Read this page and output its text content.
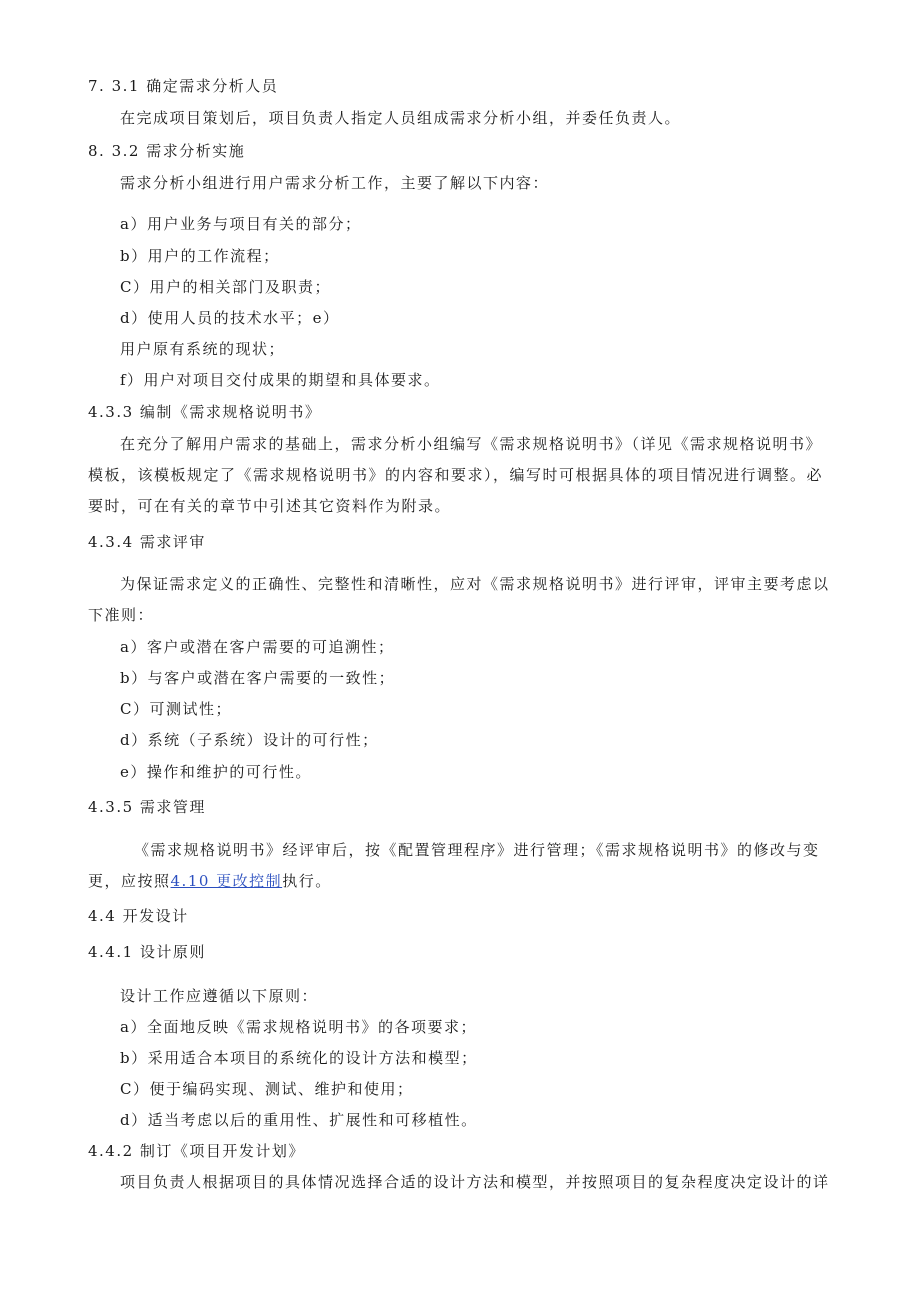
7. 3.1 确定需求分析人员
在完成项目策划后，项目负责人指定人员组成需求分析小组，并委任负责人。
8. 3.2 需求分析实施
需求分析小组进行用户需求分析工作，主要了解以下内容：
a）用户业务与项目有关的部分；
b）用户的工作流程；
C）用户的相关部门及职责；
d）使用人员的技术水平；e）
用户原有系统的现状；
f）用户对项目交付成果的期望和具体要求。
4.3.3 编制《需求规格说明书》
在充分了解用户需求的基础上，需求分析小组编写《需求规格说明书》（详见《需求规格说明书》
模板，该模板规定了《需求规格说明书》的内容和要求），编写时可根据具体的项目情况进行调整。必
要时，可在有关的章节中引述其它资料作为附录。
4.3.4 需求评审
为保证需求定义的正确性、完整性和清晰性，应对《需求规格说明书》进行评审，评审主要考虑以
下准则：
a）客户或潜在客户需要的可追溯性；
b）与客户或潜在客户需要的一致性；
C）可测试性；
d）系统（子系统）设计的可行性；
e）操作和维护的可行性。
4.3.5 需求管理
《需求规格说明书》经评审后，按《配置管理程序》进行管理；《需求规格说明书》的修改与变
更，应按照4.10 更改控制执行。
4.4 开发设计
4.4.1 设计原则
设计工作应遵循以下原则：
a）全面地反映《需求规格说明书》的各项要求；
b）采用适合本项目的系统化的设计方法和模型；
C）便于编码实现、测试、维护和使用；
d）适当考虑以后的重用性、扩展性和可移植性。
4.4.2 制订《项目开发计划》
项目负责人根据项目的具体情况选择合适的设计方法和模型，并按照项目的复杂程度决定设计的详
